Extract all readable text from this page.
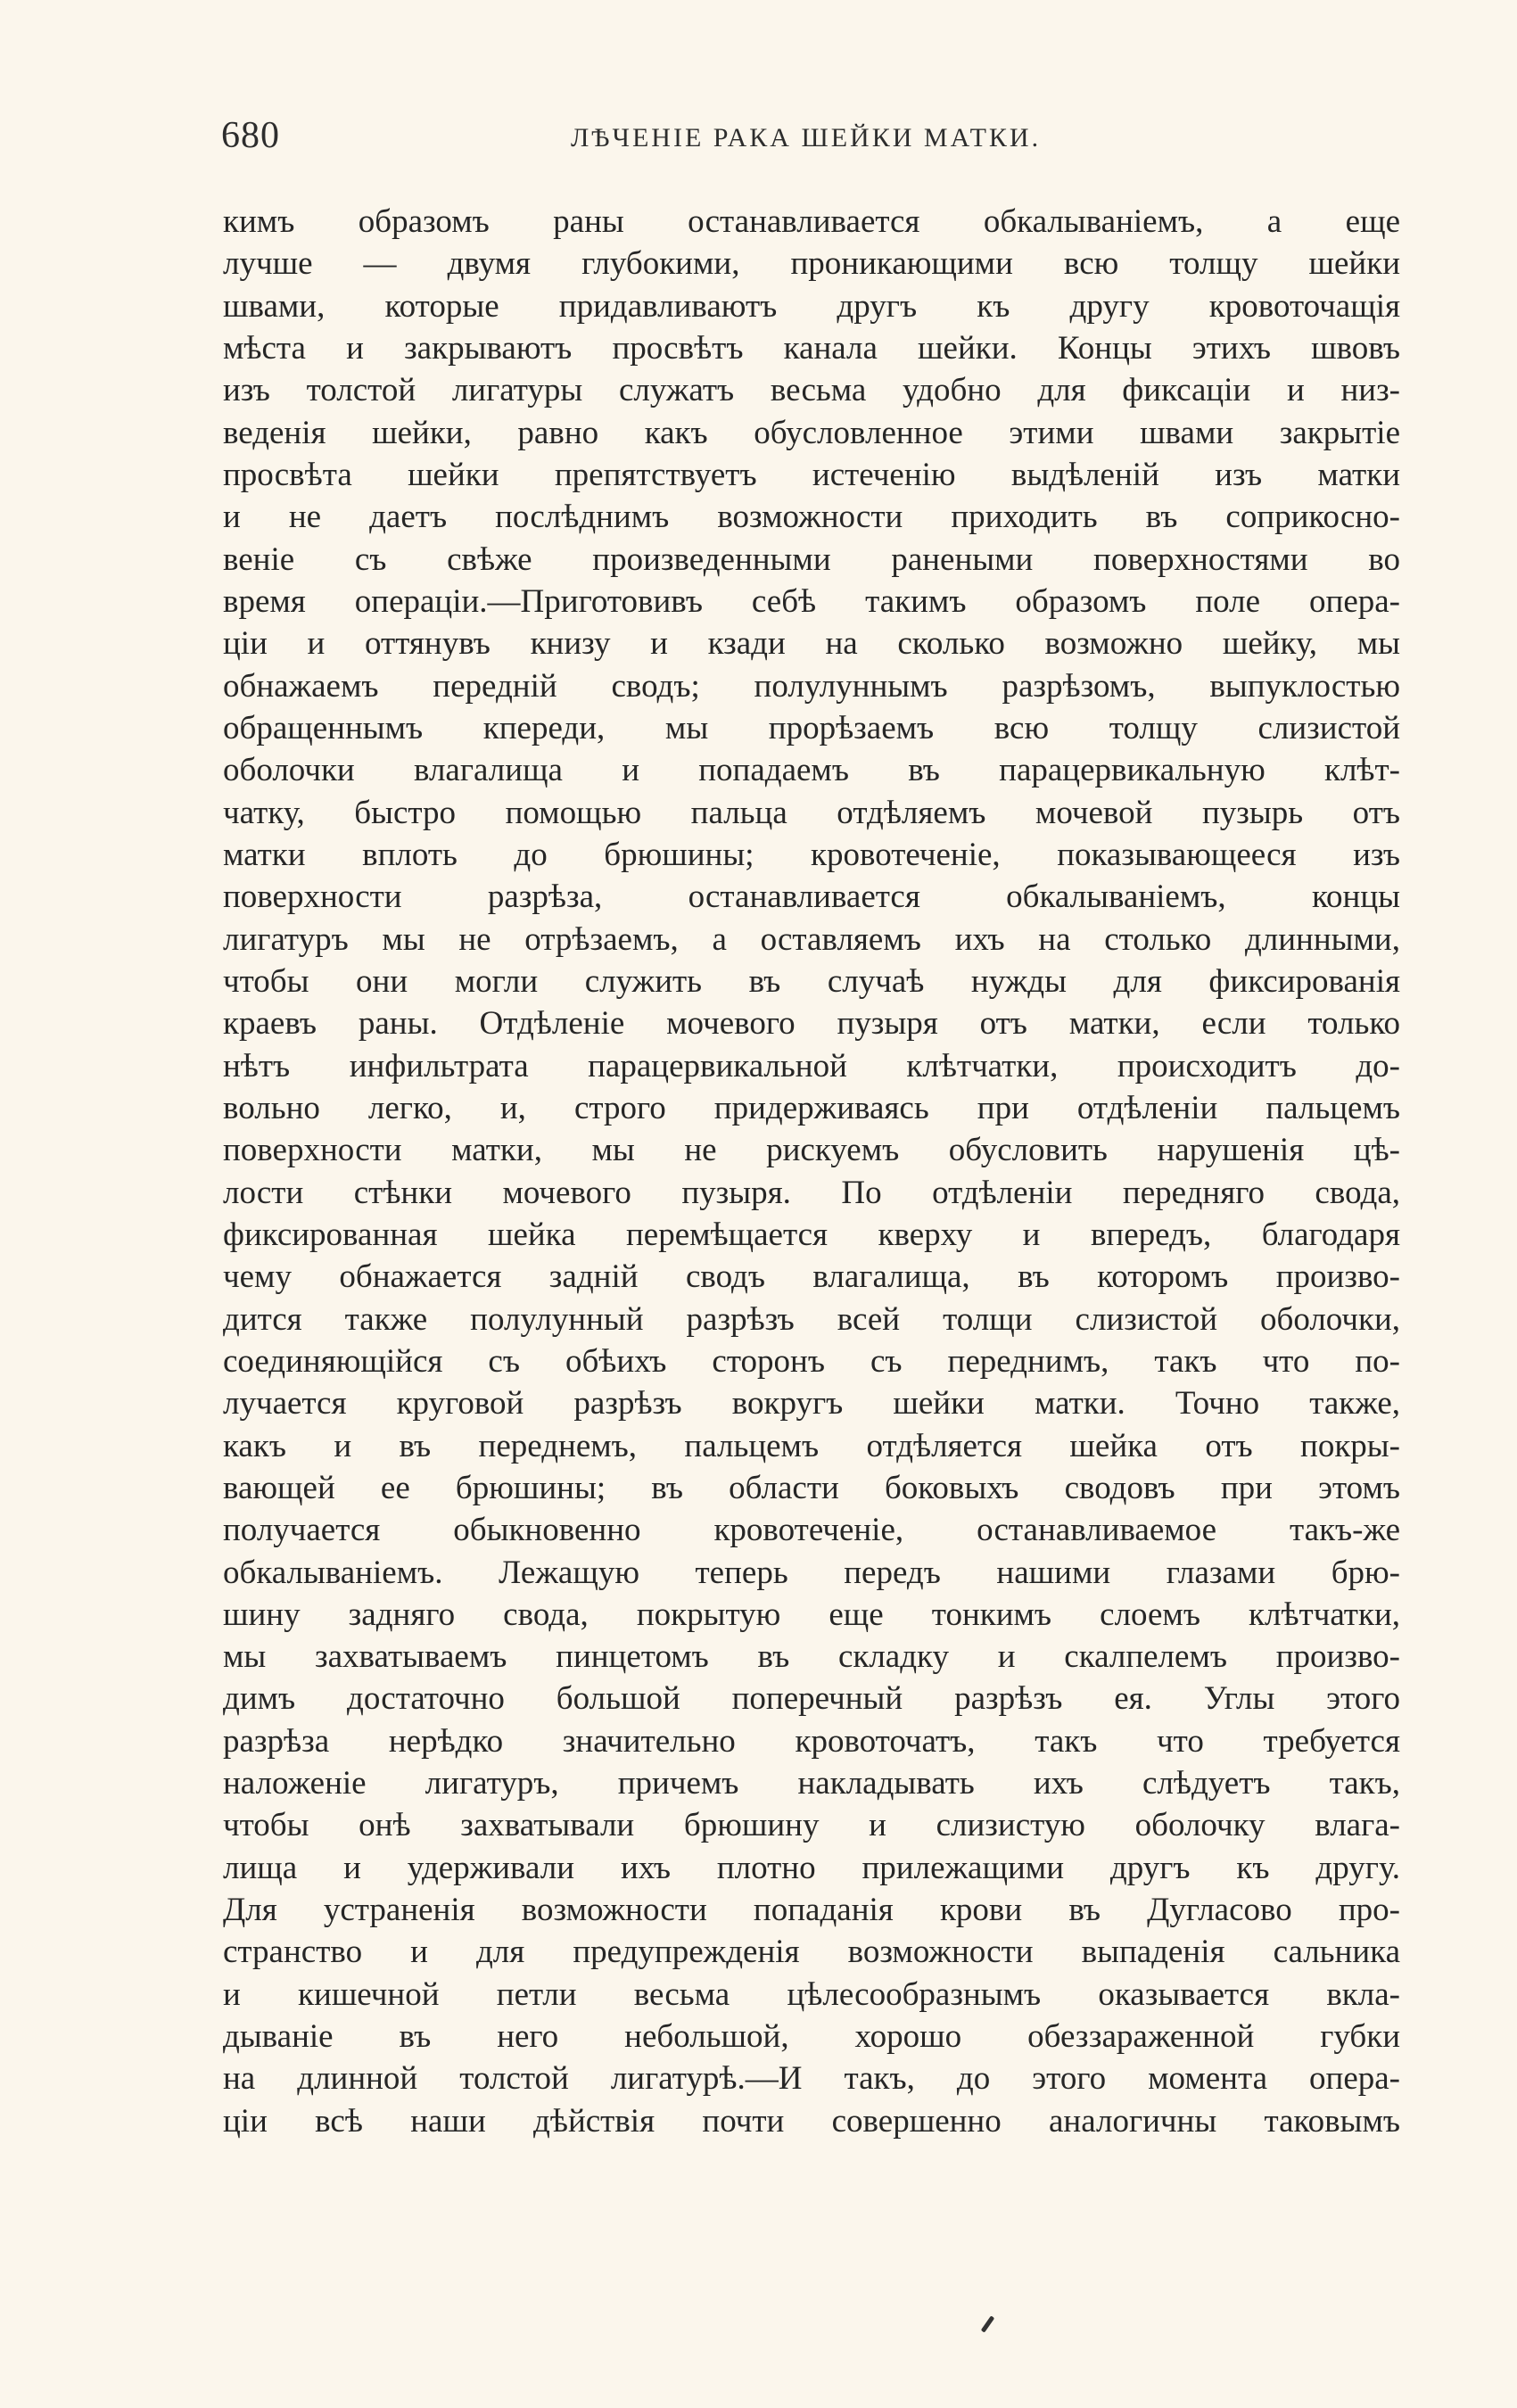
680	ЛѢЧЕНІЕ РАКА ШЕЙКИ МАТКИ.
кимъ образомъ раны останавливается обкалываніемъ, а еще
лучше — двумя глубокими, проникающими всю толщу шейки
швами, которые придавливаютъ другъ къ другу кровоточащія
мѣста и закрываютъ просвѣтъ канала шейки. Концы этихъ швовъ
изъ толстой лигатуры служатъ весьма удобно для фиксаціи и низ-
веденія шейки, равно какъ обусловленное этими швами закрытіе
просвѣта шейки препятствуетъ истеченію выдѣленій изъ матки
и не даетъ послѣднимъ возможности приходить въ соприкосно-
веніе съ свѣже произведенными ранеными поверхностями во
время операціи.—Приготовивъ себѣ такимъ образомъ поле опера-
ціи и оттянувъ книзу и кзади на сколько возможно шейку, мы
обнажаемъ передній сводъ; полулуннымъ разрѣзомъ, выпуклостью
обращеннымъ кпереди, мы прорѣзаемъ всю толщу слизистой
оболочки влагалища и попадаемъ въ парацервикальную клѣт-
чатку, быстро помощью пальца отдѣляемъ мочевой пузырь отъ
матки вплоть до брюшины; кровотеченіе, показывающееся изъ
поверхности разрѣза, останавливается обкалываніемъ, концы
лигатуръ мы не отрѣзаемъ, а оставляемъ ихъ на столько длинными,
чтобы они могли служить въ случаѣ нужды для фиксированія
краевъ раны. Отдѣленіе мочевого пузыря отъ матки, если только
нѣтъ инфильтрата парацервикальной клѣтчатки, происходитъ до-
вольно легко, и, строго придерживаясь при отдѣленіи пальцемъ
поверхности матки, мы не рискуемъ обусловить нарушенія цѣ-
лости стѣнки мочевого пузыря. По отдѣленіи передняго свода,
фиксированная шейка перемѣщается кверху и впередъ, благодаря
чему обнажается задній сводъ влагалища, въ которомъ произво-
дится также полулунный разрѣзъ всей толщи слизистой оболочки,
соединяющійся съ обѣихъ сторонъ съ переднимъ, такъ что по-
лучается круговой разрѣзъ вокругъ шейки матки. Точно также,
какъ и въ переднемъ, пальцемъ отдѣляется шейка отъ покры-
вающей ее брюшины; въ области боковыхъ сводовъ при этомъ
получается обыкновенно кровотеченіе, останавливаемое такъ-же
обкалываніемъ. Лежащую теперь передъ нашими глазами брю-
шину задняго свода, покрытую еще тонкимъ слоемъ клѣтчатки,
мы захватываемъ пинцетомъ въ складку и скалпелемъ произво-
димъ достаточно большой поперечный разрѣзъ ея. Углы этого
разрѣза нерѣдко значительно кровоточатъ, такъ что требуется
наложеніе лигатуръ, причемъ накладывать ихъ слѣдуетъ такъ,
чтобы онѣ захватывали брюшину и слизистую оболочку влага-
лища и удерживали ихъ плотно прилежащими другъ къ другу.
Для устраненія возможности попаданія крови въ Дугласово про-
странство и для предупрежденія возможности выпаденія сальника
и кишечной петли весьма цѣлесообразнымъ оказывается вкла-
дываніе въ него небольшой, хорошо обеззараженной губки
на длинной толстой лигатурѣ.—И такъ, до этого момента опера-
ціи всѣ наши дѣйствія почти совершенно аналогичны таковымъ
